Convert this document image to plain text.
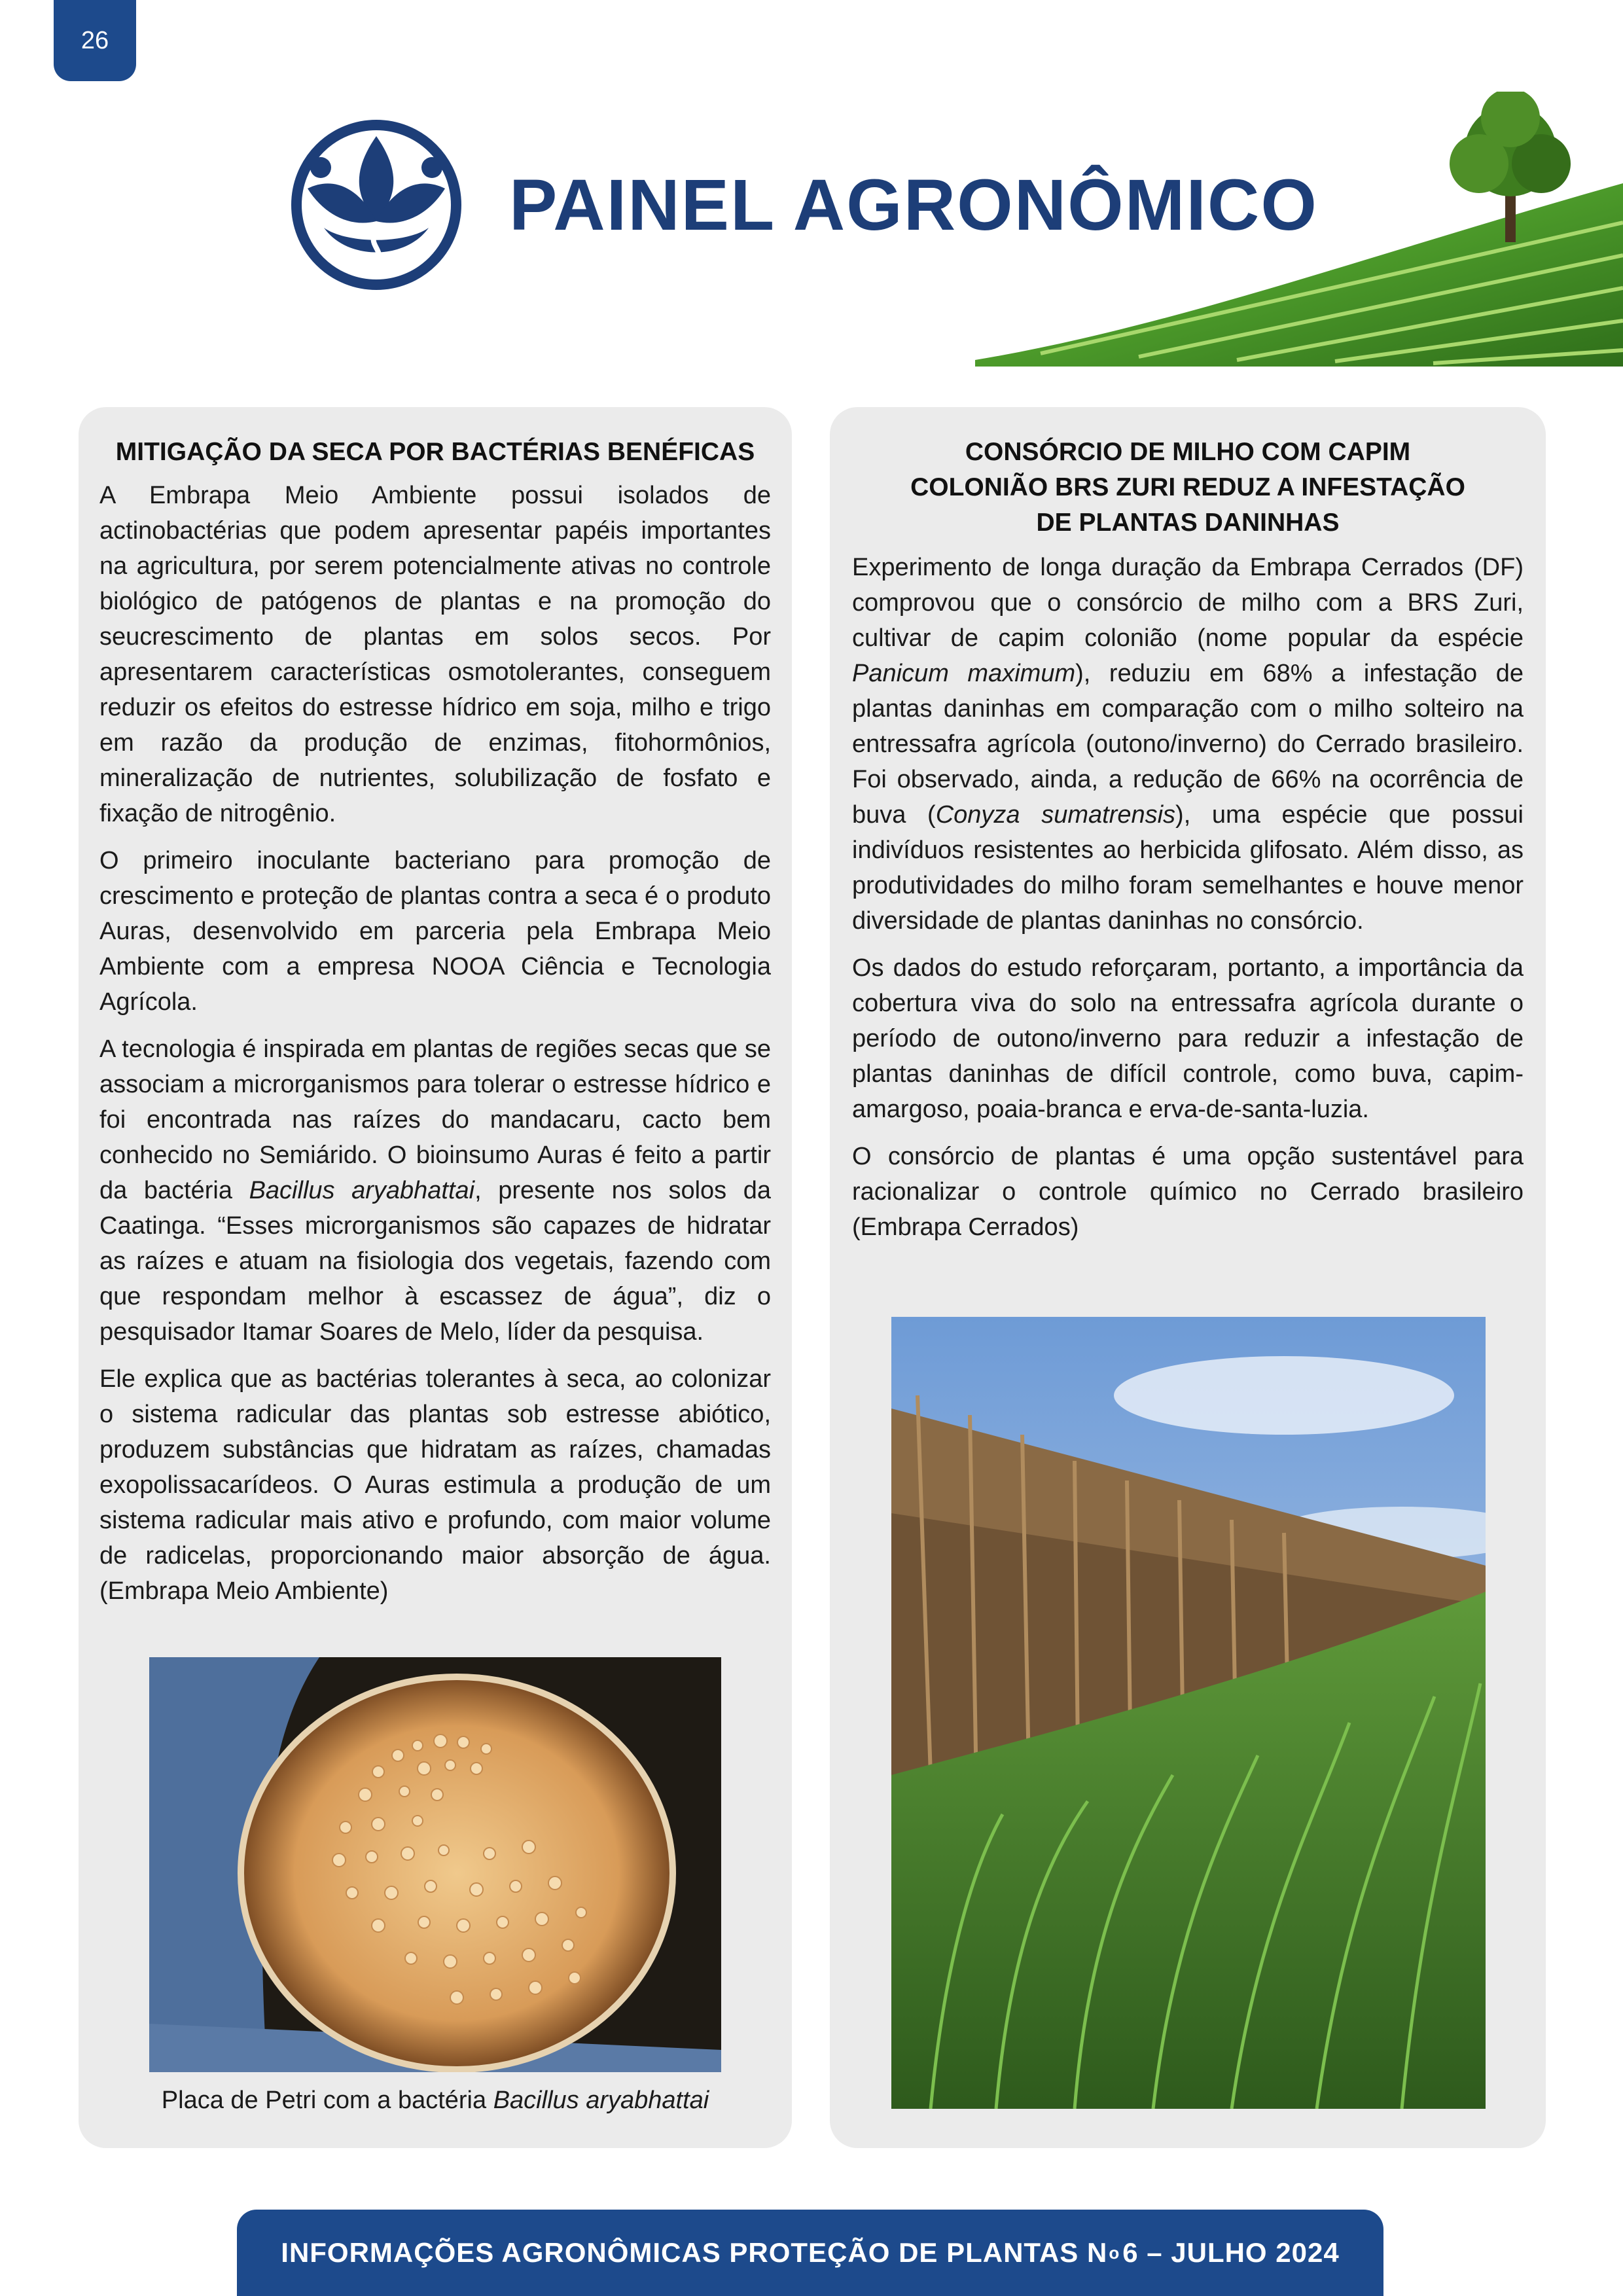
26
PAINEL AGRONÔMICO
MITIGAÇÃO DA SECA POR BACTÉRIAS BENÉFICAS

A Embrapa Meio Ambiente possui isolados de actinobactérias que podem apresentar papéis importantes na agricultura, por serem potencialmente ativas no controle biológico de patógenos de plantas e na promoção do seucrescimento de plantas em solos secos. Por apresentarem características osmotolerantes, conseguem reduzir os efeitos do estresse hídrico em soja, milho e trigo em razão da produção de enzimas, fitohormônios, mineralização de nutrientes, solubilização de fosfato e fixação de nitrogênio.

O primeiro inoculante bacteriano para promoção de crescimento e proteção de plantas contra a seca é o produto Auras, desenvolvido em parceria pela Embrapa Meio Ambiente com a empresa NOOA Ciência e Tecnologia Agrícola.

A tecnologia é inspirada em plantas de regiões secas que se associam a microrganismos para tolerar o estresse hídrico e foi encontrada nas raízes do mandacaru, cacto bem conhecido no Semiárido. O bioinsumo Auras é feito a partir da bactéria Bacillus aryabhattai, presente nos solos da Caatinga. “Esses microrganismos são capazes de hidratar as raízes e atuam na fisiologia dos vegetais, fazendo com que respondam melhor à escassez de água”, diz o pesquisador Itamar Soares de Melo, líder da pesquisa.

Ele explica que as bactérias tolerantes à seca, ao colonizar o sistema radicular das plantas sob estresse abiótico, produzem substâncias que hidratam as raízes, chamadas exopolissacarídeos. O Auras estimula a produção de um sistema radicular mais ativo e profundo, com maior volume de radicelas, proporcionando maior absorção de água. (Embrapa Meio Ambiente)

Placa de Petri com a bactéria Bacillus aryabhattai
CONSÓRCIO DE MILHO COM CAPIM
COLONIÃO BRS ZURI REDUZ A INFESTAÇÃO
DE PLANTAS DANINHAS

Experimento de longa duração da Embrapa Cerrados (DF) comprovou que o consórcio de milho com a BRS Zuri, cultivar de capim colonião (nome popular da espécie Panicum maximum), reduziu em 68% a infestação de plantas daninhas em comparação com o milho solteiro na entressafra agrícola (outono/inverno) do Cerrado brasileiro. Foi observado, ainda, a redução de 66% na ocorrência de buva (Conyza sumatrensis), uma espécie que possui indivíduos resistentes ao herbicida glifosato. Além disso, as produtividades do milho foram semelhantes e houve menor diversidade de plantas daninhas no consórcio.

Os dados do estudo reforçaram, portanto, a importância da cobertura viva do solo na entressafra agrícola durante o período de outono/inverno para reduzir a infestação de plantas daninhas de difícil controle, como buva, capim-amargoso, poaia-branca e erva-de-santa-luzia.

O consórcio de plantas é uma opção sustentável para racionalizar o controle químico no Cerrado brasileiro (Embrapa Cerrados)

INFORMAÇÕES AGRONÔMICAS PROTEÇÃO DE PLANTAS N o 6 – JULHO 2024
